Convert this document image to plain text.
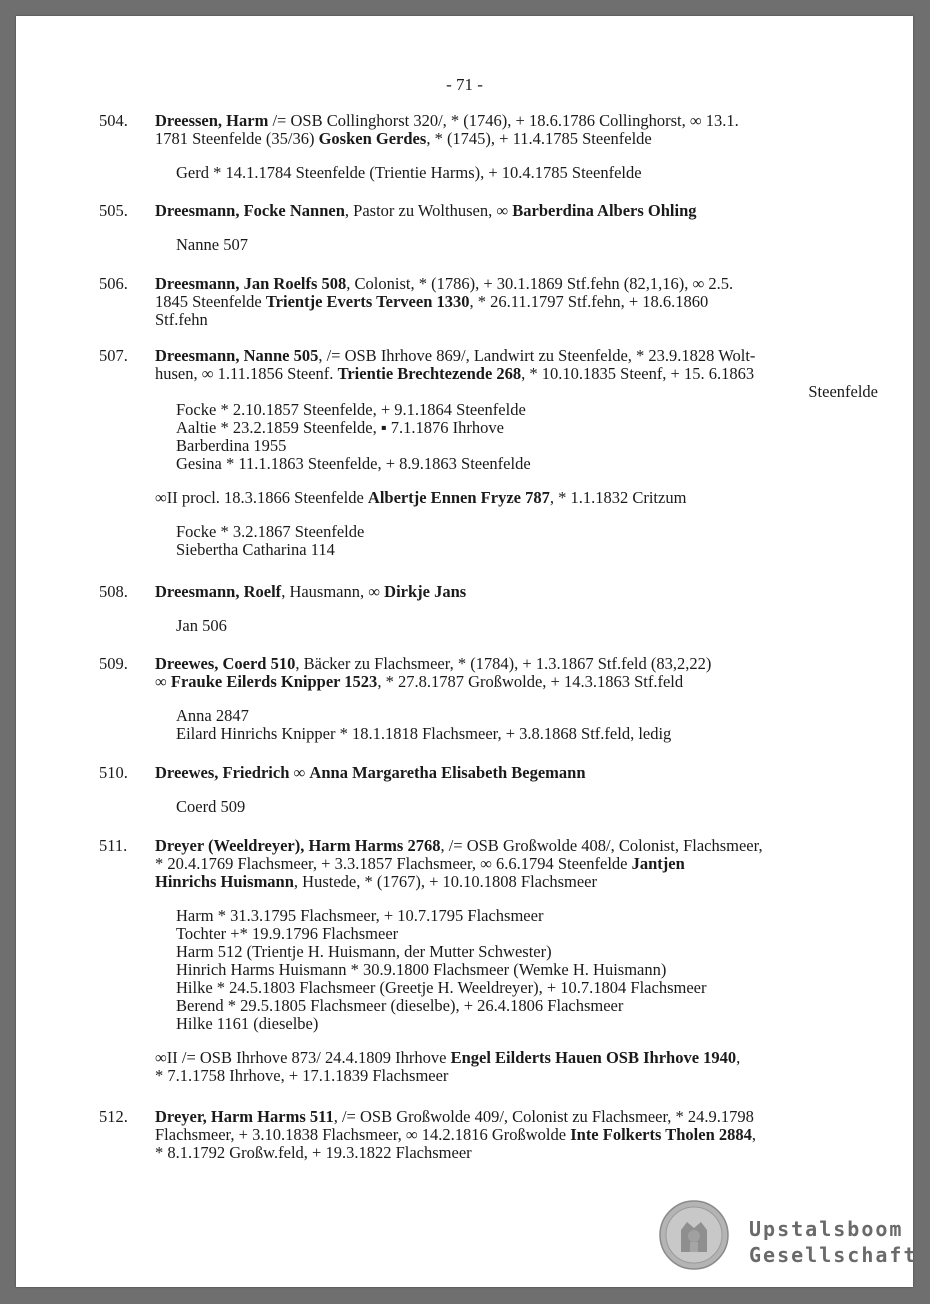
- 71 -
504. Dreessen, Harm /= OSB Collinghorst 320/, * (1746), + 18.6.1786 Collinghorst, ∞ 13.1.
1781 Steenfelde (35/36) Gosken Gerdes, * (1745), + 11.4.1785 Steenfelde
Gerd * 14.1.1784 Steenfelde (Trientie Harms), + 10.4.1785 Steenfelde
505. Dreesmann, Focke Nannen, Pastor zu Wolthusen, ∞ Barberdina Albers Ohling
Nanne 507
506. Dreesmann, Jan Roelfs 508, Colonist, * (1786), + 30.1.1869 Stf.fehn (82,1,16), ∞ 2.5.
1845 Steenfelde Trientje Everts Terveen 1330, * 26.11.1797 Stf.fehn, + 18.6.1860
Stf.fehn
507. Dreesmann, Nanne 505, /= OSB Ihrhove 869/, Landwirt zu Steenfelde, * 23.9.1828 Wolt-
husen, ∞ 1.11.1856 Steenf. Trientie Brechtezende 268, * 10.10.1835 Steenf, + 15. 6.1863
Steenfelde
Focke * 2.10.1857 Steenfelde, + 9.1.1864 Steenfelde
Aaltie * 23.2.1859 Steenfelde, ▪ 7.1.1876 Ihrhove
Barberdina 1955
Gesina * 11.1.1863 Steenfelde, + 8.9.1863 Steenfelde
∞II procl. 18.3.1866 Steenfelde Albertje Ennen Fryze 787, * 1.1.1832 Critzum
Focke * 3.2.1867 Steenfelde
Siebertha Catharina 114
508. Dreesmann, Roelf, Hausmann, ∞ Dirkje Jans
Jan 506
509. Dreewes, Coerd 510, Bäcker zu Flachsmeer, * (1784), + 1.3.1867 Stf.feld (83,2,22)
∞ Frauke Eilerds Knipper 1523, * 27.8.1787 Großwolde, + 14.3.1863 Stf.feld
Anna 2847
Eilard Hinrichs Knipper * 18.1.1818 Flachsmeer, + 3.8.1868 Stf.feld, ledig
510. Dreewes, Friedrich ∞ Anna Margaretha Elisabeth Begemann
Coerd 509
511. Dreyer (Weeldreyer), Harm Harms 2768, /= OSB Großwolde 408/, Colonist, Flachsmeer,
* 20.4.1769 Flachsmeer, + 3.3.1857 Flachsmeer, ∞ 6.6.1794 Steenfelde Jantjen
Hinrichs Huismann, Hustede, * (1767), + 10.10.1808 Flachsmeer
Harm * 31.3.1795 Flachsmeer, + 10.7.1795 Flachsmeer
Tochter +* 19.9.1796 Flachsmeer
Harm 512 (Trientje H. Huismann, der Mutter Schwester)
Hinrich Harms Huismann * 30.9.1800 Flachsmeer (Wemke H. Huismann)
Hilke * 24.5.1803 Flachsmeer (Greetje H. Weeldreyer), + 10.7.1804 Flachsmeer
Berend * 29.5.1805 Flachsmeer (dieselbe), + 26.4.1806 Flachsmeer
Hilke 1161 (dieselbe)
∞II /= OSB Ihrhove 873/ 24.4.1809 Ihrhove Engel Eilderts Hauen OSB Ihrhove 1940,
* 7.1.1758 Ihrhove, + 17.1.1839 Flachsmeer
512. Dreyer, Harm Harms 511, /= OSB Großwolde 409/, Colonist zu Flachsmeer, * 24.9.1798
Flachsmeer, + 3.10.1838 Flachsmeer, ∞ 14.2.1816 Großwolde Inte Folkerts Tholen 2884,
* 8.1.1792 Großw.feld, + 19.3.1822 Flachsmeer
Upstalsboom
Gesellschaft
